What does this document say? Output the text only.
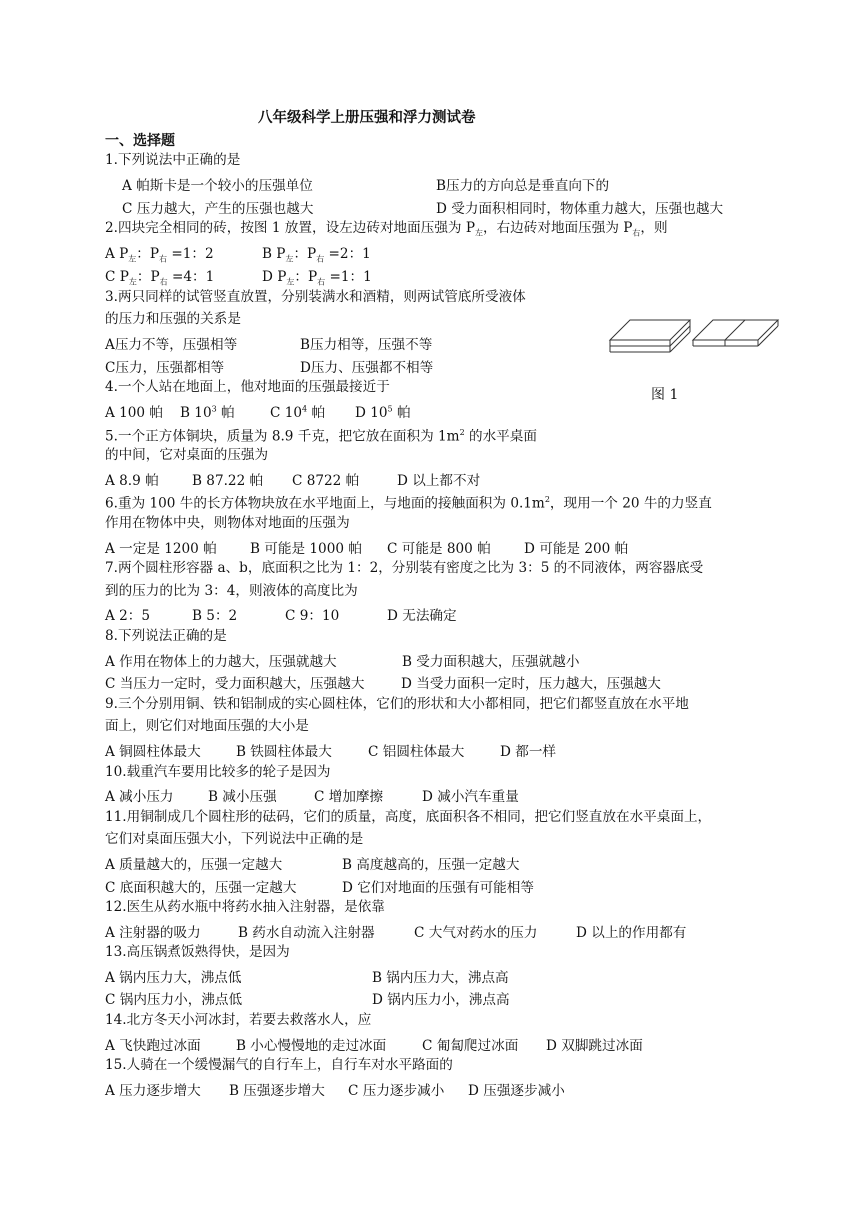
八年级科学上册压强和浮力测试卷
一、选择题
1.下列说法中正确的是
A 帕斯卡是一个较小的压强单位	B压力的方向总是垂直向下的
C 压力越大，产生的压强也越大	D 受力面积相同时，物体重力越大，压强也越大
2.四块完全相同的砖，按图 1 放置，设左边砖对地面压强为 $P_左$，右边砖对地面压强为 $P_右$，则
A $P_左$：$P_右 =1$：2	B $P_左$：$P_右 =2$：1
C $P_左$：$P_右 =4$：1	D $P_左$：$P_右 =1$：1
图 1
3.两只同样的试管竖直放置，分别装满水和酒精，则两试管底所受液体
的压力和压强的关系是
A压力不等，压强相等	B压力相等，压强不等
C压力，压强都相等	D压力、压强都不相等
4.一个人站在地面上，他对地面的压强最接近于
A 100 帕 B $10^3$ 帕	C $10^4$ 帕 D $10^5$ 帕
5.一个正方体铜块，质量为 8.9 千克，把它放在面积为 $1m^2$ 的水平桌面
的中间，它对桌面的压强为
A 8.9 帕 B 87.22 帕 C 8722 帕	D 以上都不对
6.重为 100 牛的长方体物块放在水平地面上，与地面的接触面积为 $0.1m^2$，现用一个 20 牛的力竖直
作用在物体中央，则物体对地面的压强为
A 一定是 1200 帕 B 可能是 1000 帕 C 可能是 800 帕 D 可能是 200 帕
7.两个圆柱形容器 a、b，底面积之比为 1：2，分别装有密度之比为 3：5 的不同液体，两容器底受
到的压力的比为 3：4，则液体的高度比为
A 2：5	B 5：2	C 9：10	D 无法确定
8.下列说法正确的是
A 作用在物体上的力越大，压强就越大	B 受力面积越大，压强就越小
C 当压力一定时，受力面积越大，压强越大	D 当受力面积一定时，压力越大，压强越大
9.三个分别用铜、铁和铝制成的实心圆柱体，它们的形状和大小都相同，把它们都竖直放在水平地
面上，则它们对地面压强的大小是
A 铜圆柱体最大	B 铁圆柱体最大	C 铝圆柱体最大	D 都一样
10.载重汽车要用比较多的轮子是因为
A 减小压力	B 减小压强	C 增加摩擦	D 减小汽车重量
11.用铜制成几个圆柱形的砝码，它们的质量，高度，底面积各不相同，把它们竖直放在水平桌面上，
它们对桌面压强大小，下列说法中正确的是
A 质量越大的，压强一定越大	B 高度越高的，压强一定越大
C 底面积越大的，压强一定越大	D 它们对地面的压强有可能相等
12.医生从药水瓶中将药水抽入注射器，是依靠
A 注射器的吸力	B 药水自动流入注射器	C 大气对药水的压力	D 以上的作用都有
13.高压锅煮饭熟得快，是因为
A 锅内压力大，沸点低	B 锅内压力大，沸点高
C 锅内压力小，沸点低	D 锅内压力小，沸点高
14.北方冬天小河冰封，若要去救落水人，应
A 飞快跑过冰面	B 小心慢慢地的走过冰面	C 匍匐爬过冰面 D 双脚跳过冰面
15.人骑在一个缓慢漏气的自行车上，自行车对水平路面的
A 压力逐步增大 B 压强逐步增大 C 压力逐步减小 D 压强逐步减小
